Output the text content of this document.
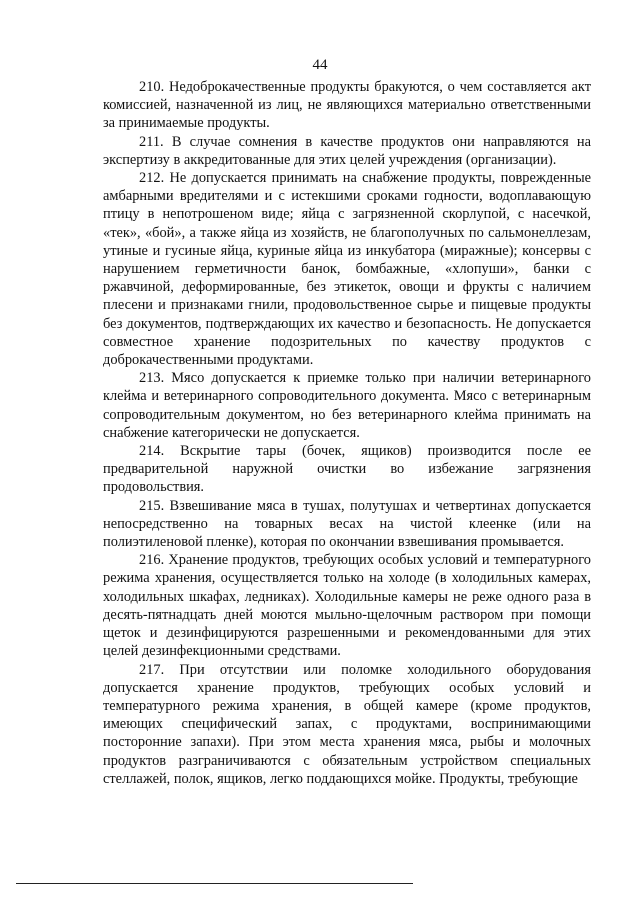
44

210. Недоброкачественные продукты бракуются, о чем составляется акт комиссией, назначенной из лиц, не являющихся материально ответственными за принимаемые продукты.

211. В случае сомнения в качестве продуктов они направляются на экспертизу в аккредитованные для этих целей учреждения (организации).

212. Не допускается принимать на снабжение продукты, поврежденные амбарными вредителями и с истекшими сроками годности, водоплавающую птицу в непотрошеном виде; яйца с загрязненной скорлупой, с насечкой, «тек», «бой», а также яйца из хозяйств, не благополучных по сальмонеллезам, утиные и гусиные яйца, куриные яйца из инкубатора (миражные); консервы с нарушением герметичности банок, бомбажные, «хлопуши», банки с ржавчиной, деформированные, без этикеток, овощи и фрукты с наличием плесени и признаками гнили, продовольственное сырье и пищевые продукты без документов, подтверждающих их качество и безопасность. Не допускается совместное хранение подозрительных по качеству продуктов с доброкачественными продуктами.

213. Мясо допускается к приемке только при наличии ветеринарного клейма и ветеринарного сопроводительного документа. Мясо с ветеринарным сопроводительным документом, но без ветеринарного клейма принимать на снабжение категорически не допускается.

214. Вскрытие тары (бочек, ящиков) производится после ее предварительной наружной очистки во избежание загрязнения продовольствия.

215. Взвешивание мяса в тушах, полутушах и четвертинах допускается непосредственно на товарных весах на чистой клеенке (или на полиэтиленовой пленке), которая по окончании взвешивания промывается.

216. Хранение продуктов, требующих особых условий и температурного режима хранения, осуществляется только на холоде (в холодильных камерах, холодильных шкафах, ледниках). Холодильные камеры не реже одного раза в десять-пятнадцать дней моются мыльно-щелочным раствором при помощи щеток и дезинфицируются разрешенными и рекомендованными для этих целей дезинфекционными средствами.

217. При отсутствии или поломке холодильного оборудования допускается хранение продуктов, требующих особых условий и температурного режима хранения, в общей камере (кроме продуктов, имеющих специфический запах, с продуктами, воспринимающими посторонние запахи). При этом места хранения мяса, рыбы и молочных продуктов разграничиваются с обязательным устройством специальных стеллажей, полок, ящиков, легко поддающихся мойке. Продукты, требующие
